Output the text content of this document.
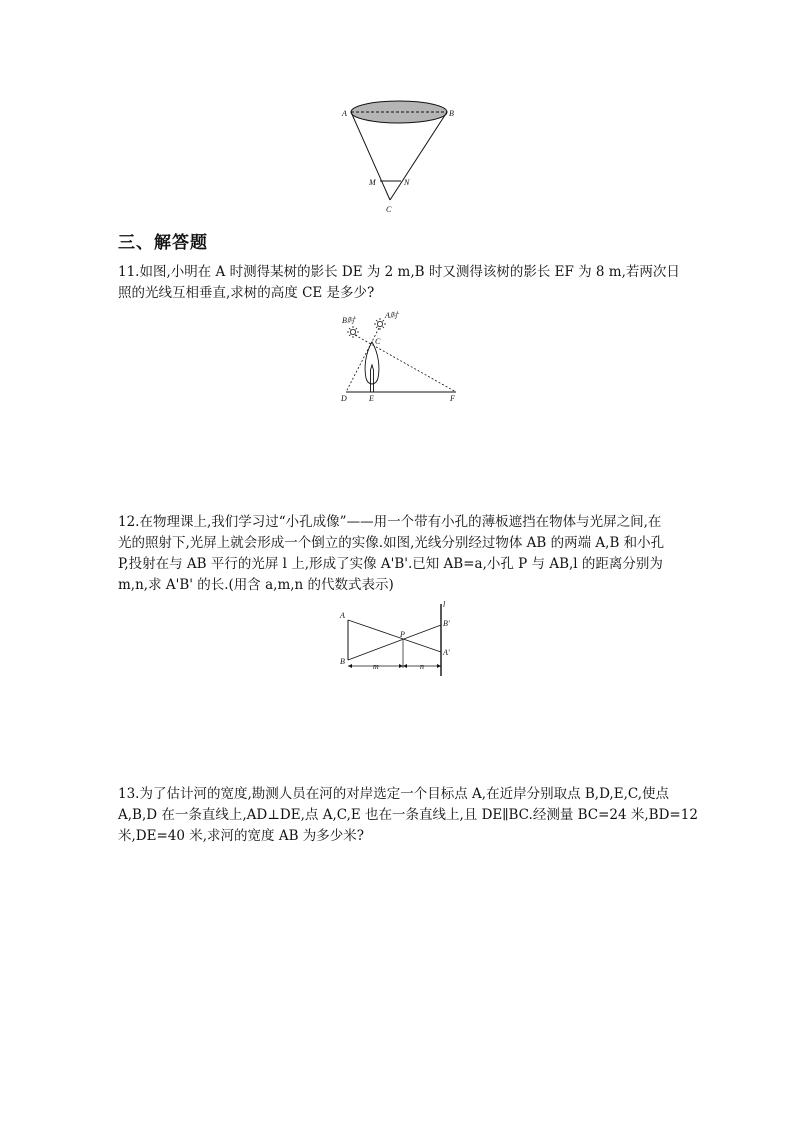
A	B
M	N
C
三、解答题

11.如图,小明在 A 时测得某树的影长 DE 为 2 m,B 时又测得该树的影长 EF 为 8 m,若两次日

照的光线互相垂直,求树的高度 CE 是多少?

B时
A时
C
D	E	F

12.在物理课上,我们学习过“小孔成像”——用一个带有小孔的薄板遮挡在物体与光屏之间,在

光的照射下,光屏上就会形成一个倒立的实像.如图,光线分别经过物体 AB 的两端 A,B 和小孔

P,投射在与 AB 平行的光屏 l 上,形成了实像 A'B'.已知 AB=a,小孔 P 与 AB,l 的距离分别为

m,n,求 A'B' 的长.(用含 a,m,n 的代数式表示)

A
B
P
l
B'
A'
m	n

13.为了估计河的宽度,勘测人员在河的对岸选定一个目标点 A,在近岸分别取点 B,D,E,C,使点

A,B,D 在一条直线上,AD⊥DE,点 A,C,E 也在一条直线上,且 DE∥BC.经测量 BC=24 米,BD=12

米,DE=40 米,求河的宽度 AB 为多少米?
